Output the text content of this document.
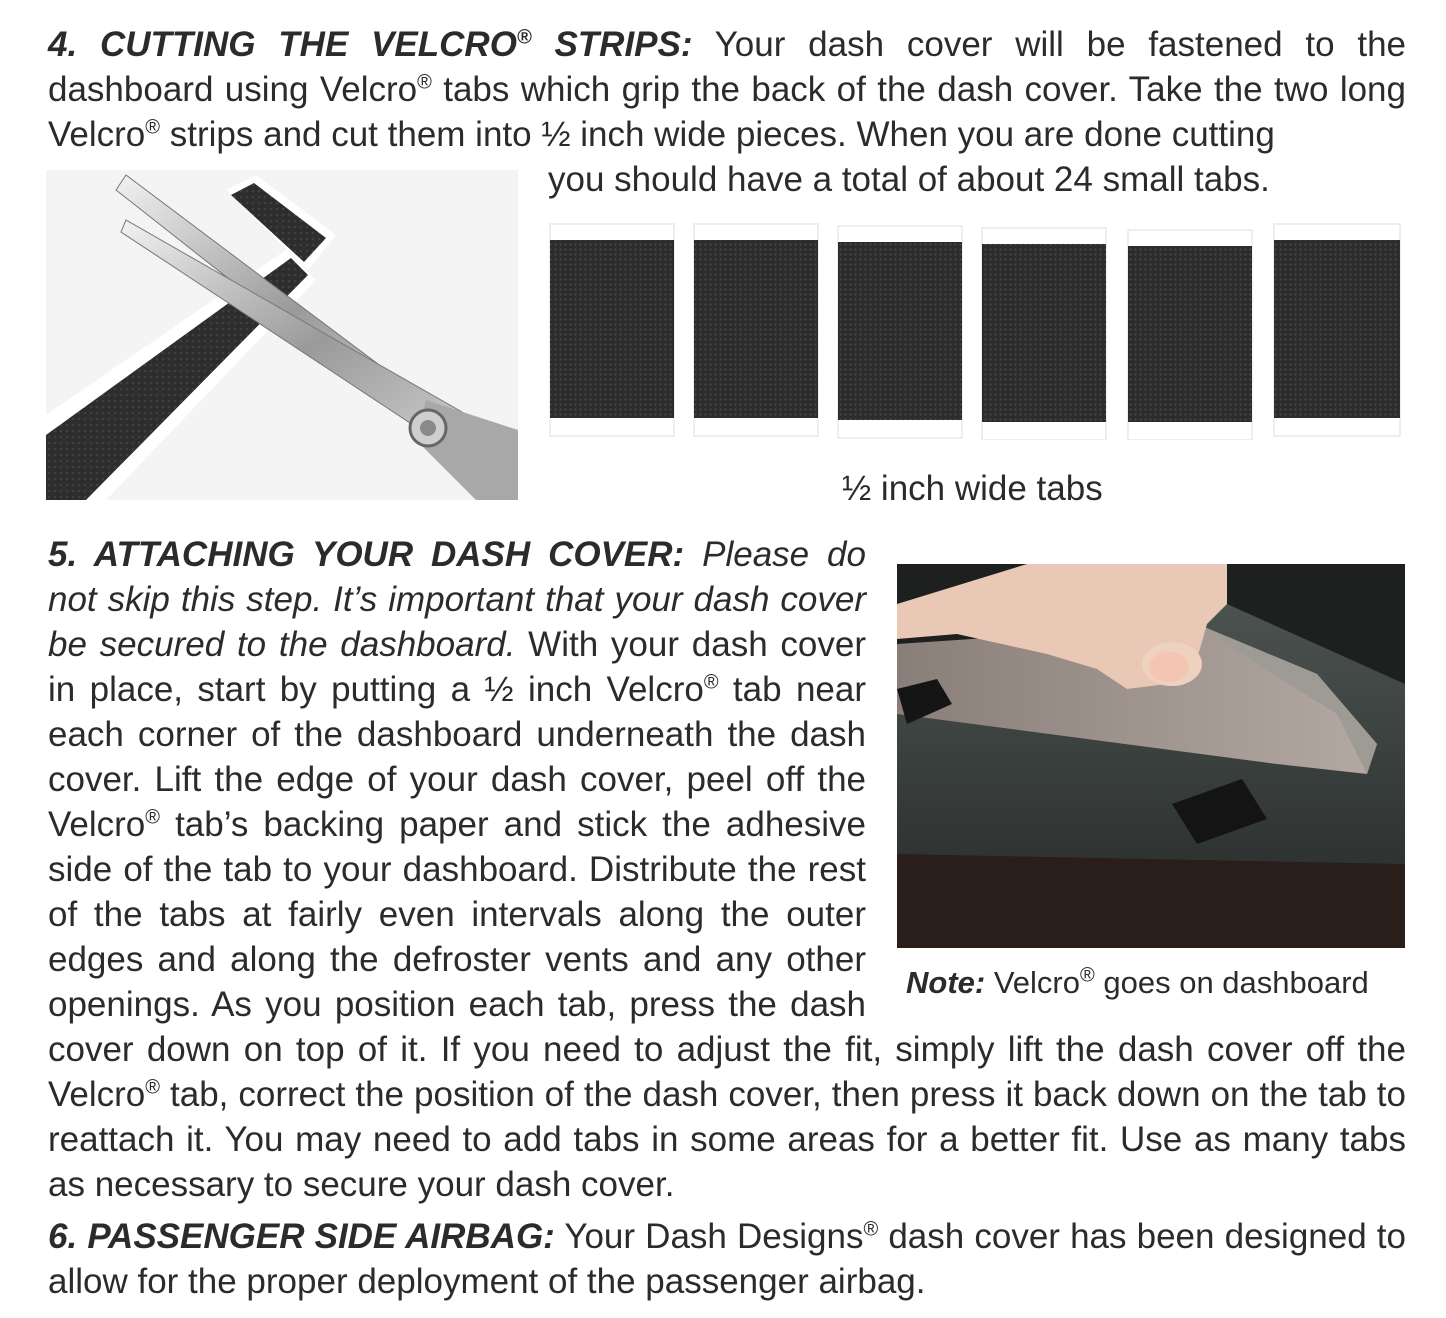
4. CUTTING THE VELCRO® STRIPS: Your dash cover will be fastened to the dashboard using Velcro® tabs which grip the back of the dash cover. Take the two long Velcro® strips and cut them into ½ inch wide pieces. When you are done cutting
you should have a total of about 24 small tabs.
½ inch wide tabs
5. ATTACHING YOUR DASH COVER: Please do not skip this step. It’s important that your dash cover be secured to the dashboard. With your dash cover in place, start by putting a ½ inch Velcro® tab near each corner of the dashboard underneath the dash cover. Lift the edge of your dash cover, peel off the Velcro® tab’s backing paper and stick the adhesive side of the tab to your dashboard. Distribute the rest of the tabs at fairly even intervals along the outer edges and along the defroster vents and any other openings. As you position each tab, press the dash cover down on top of it. If you need to adjust the fit, simply lift the dash cover off the Velcro® tab, correct the position of the dash cover, then press it back down on the tab to reattach it. You may need to add tabs in some areas for a better fit. Use as many tabs as necessary to secure your dash cover.
Note: Velcro® goes on dashboard
6. PASSENGER SIDE AIRBAG: Your Dash Designs® dash cover has been designed to allow for the proper deployment of the passenger airbag.
